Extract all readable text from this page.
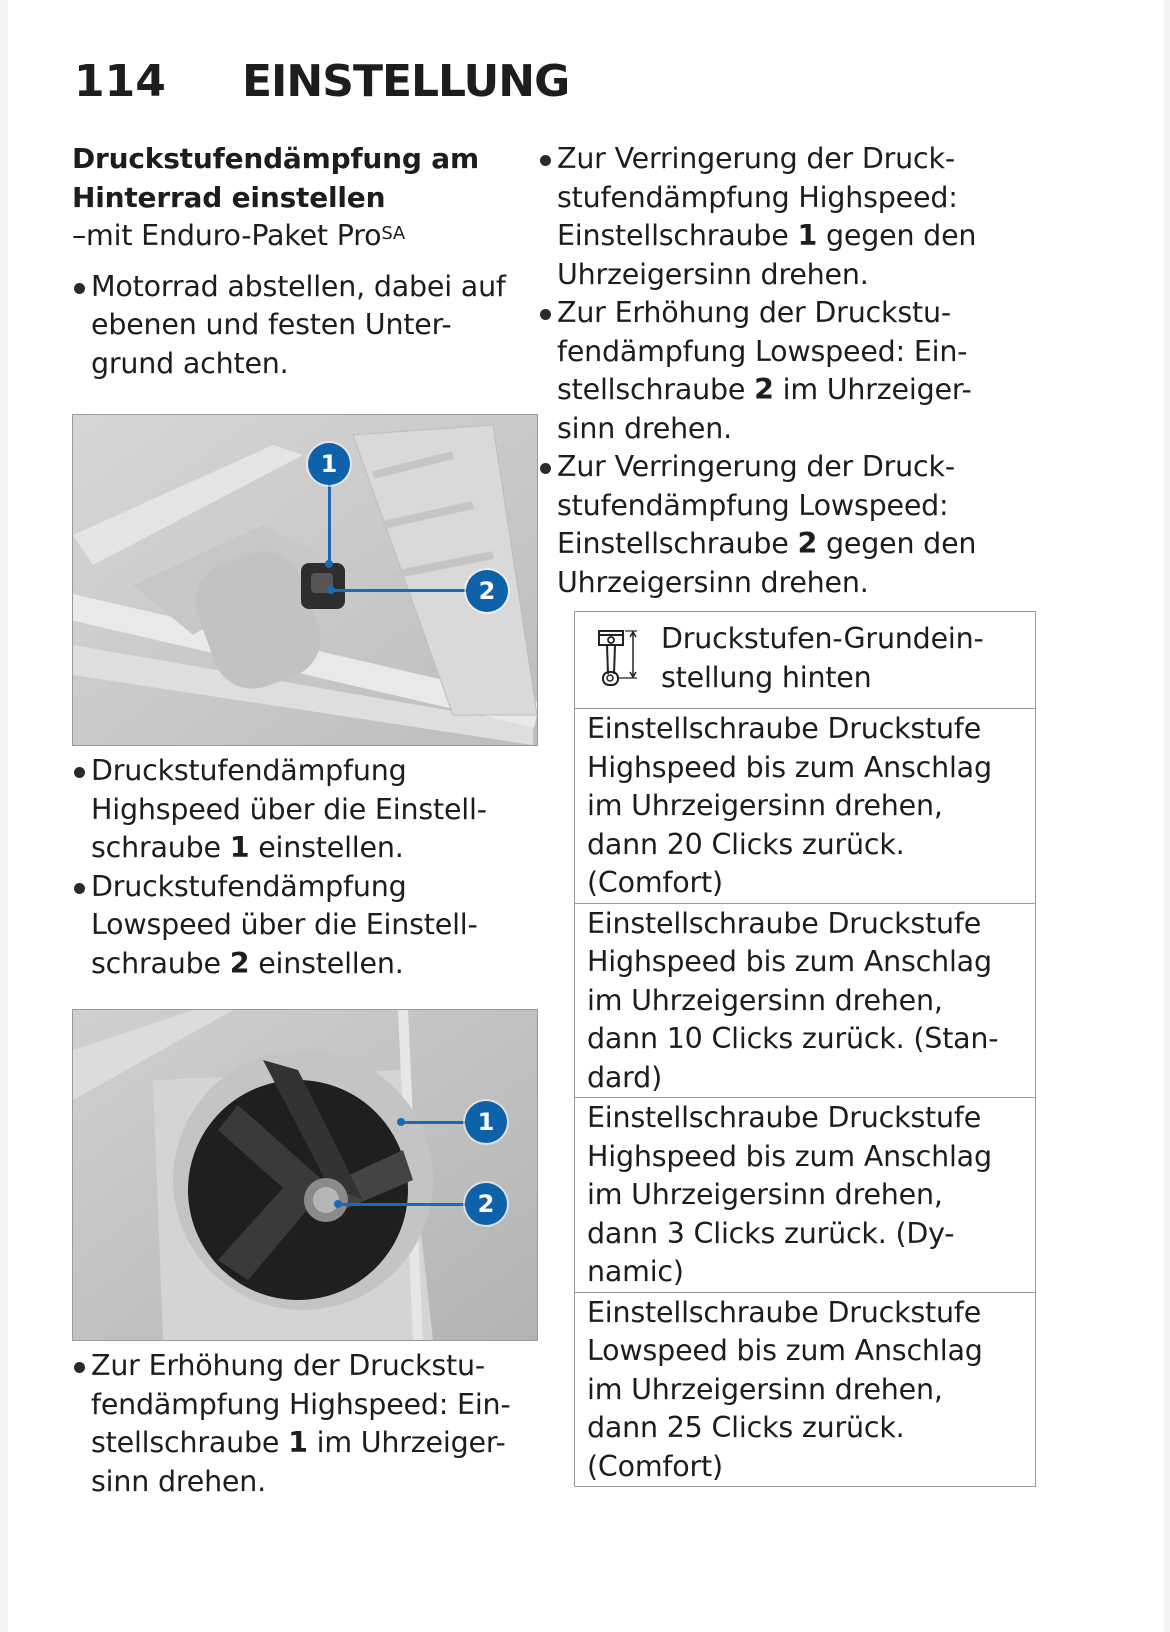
114 EINSTELLUNG
Druckstufendämpfung am
Hinterrad einstellen
–mit Enduro-Paket Pro$^{SA}$
Motorrad abstellen, dabei auf
ebenen und festen Unter-
grund achten.
1
2
Druckstufendämpfung
Highspeed über die Einstell-
schraube 1 einstellen.
Druckstufendämpfung
Lowspeed über die Einstell-
schraube 2 einstellen.
1
2
Zur Erhöhung der Druckstu-
fendämpfung Highspeed: Ein-
stellschraube 1 im Uhrzeiger-
sinn drehen.
Zur Verringerung der Druck-
stufendämpfung Highspeed:
Einstellschraube 1 gegen den
Uhrzeigersinn drehen.
Zur Erhöhung der Druckstu-
fendämpfung Lowspeed: Ein-
stellschraube 2 im Uhrzeiger-
sinn drehen.
Zur Verringerung der Druck-
stufendämpfung Lowspeed:
Einstellschraube 2 gegen den
Uhrzeigersinn drehen.
Druckstufen-Grundein-
stellung hinten

Einstellschraube Druckstufe
Highspeed bis zum Anschlag
im Uhrzeigersinn drehen,
dann 20 Clicks zurück.
(Comfort)

Einstellschraube Druckstufe
Highspeed bis zum Anschlag
im Uhrzeigersinn drehen,
dann 10 Clicks zurück. (Stan-
dard)

Einstellschraube Druckstufe
Highspeed bis zum Anschlag
im Uhrzeigersinn drehen,
dann 3 Clicks zurück. (Dy-
namic)

Einstellschraube Druckstufe
Lowspeed bis zum Anschlag
im Uhrzeigersinn drehen,
dann 25 Clicks zurück.
(Comfort)
